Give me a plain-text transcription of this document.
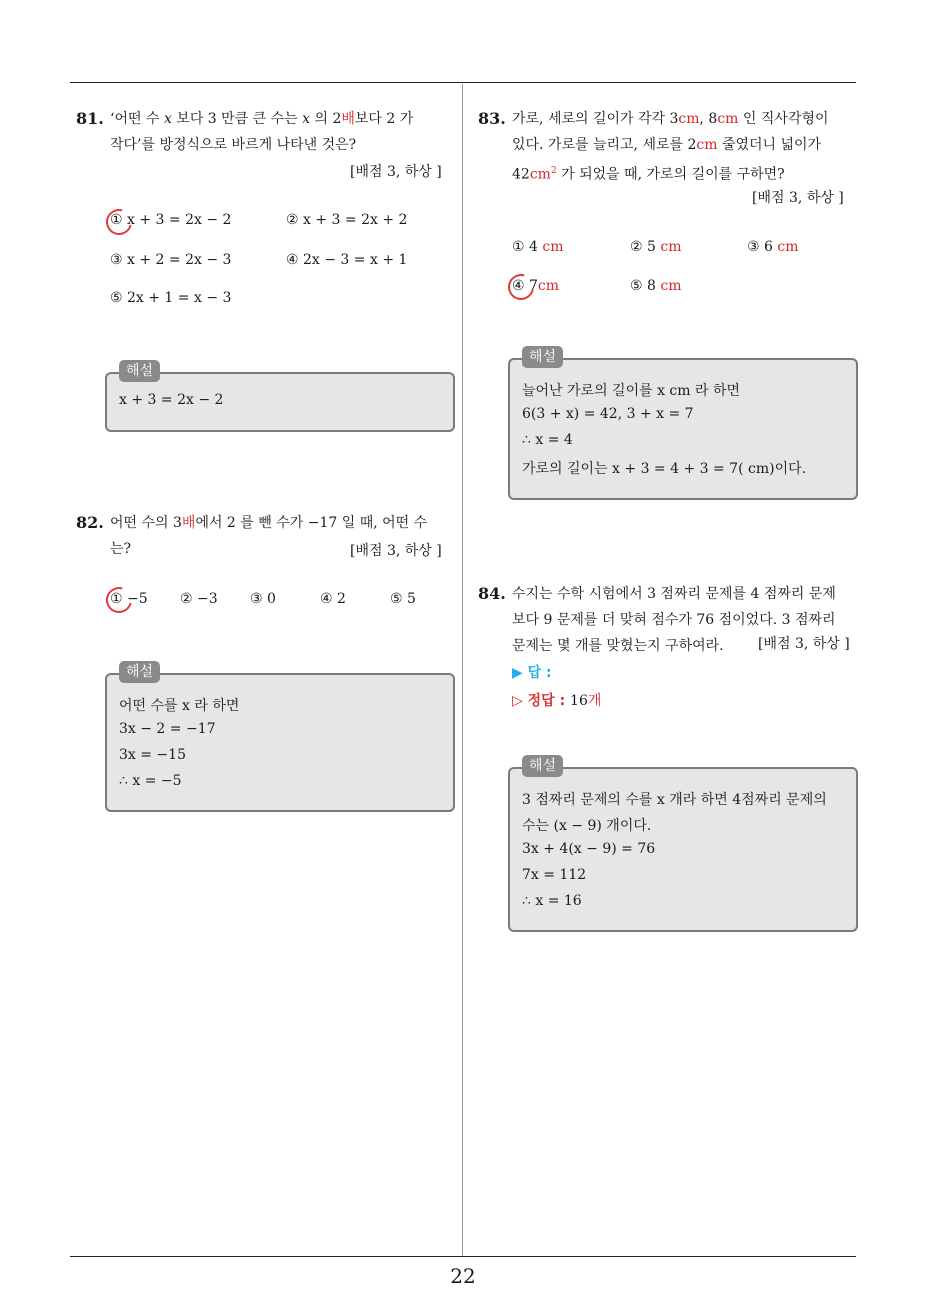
22
81. ‘어떤 수 x 보다 3 만큼 큰 수는 x 의 2배보다 2 가
작다’를 방정식으로 바르게 나타낸 것은?
[배점 3, 하상 ]
① x + 3 = 2x − 2	② x + 3 = 2x + 2
③ x + 2 = 2x − 3	④ 2x − 3 = x + 1
⑤ 2x + 1 = x − 3
해설
x + 3 = 2x − 2
82. 어떤 수의 3배에서 2 를 뺀 수가 −17 일 때, 어떤 수
는?	[배점 3, 하상 ]
① −5 ② −3 ③ 0	④ 2	⑤ 5
해설
어떤 수를 x 라 하면
3x − 2 = −17
3x = −15
∴ x = −5
83. 가로, 세로의 길이가 각각 3cm, 8cm 인 직사각형이
있다. 가로를 늘리고, 세로를 2cm 줄였더니 넓이가
$42cm^2$ 가 되었을 때, 가로의 길이를 구하면?
[배점 3, 하상 ]
① 4 cm	② 5 cm	③ 6 cm
④ 7cm	⑤ 8 cm
해설
늘어난 가로의 길이를 x cm 라 하면
6(3 + x) = 42, 3 + x = 7
∴ x = 4
가로의 길이는 x + 3 = 4 + 3 = 7( cm)이다.
84. 수지는 수학 시험에서 3 점짜리 문제를 4 점짜리 문제
보다 9 문제를 더 맞혀 점수가 76 점이었다. 3 점짜리
문제는 몇 개를 맞혔는지 구하여라.	[배점 3, 하상 ]
▶ 답 :
▷ 정답 : 16개
해설
3 점짜리 문제의 수를 x 개라 하면 4점짜리 문제의
수는 (x − 9) 개이다.
3x + 4(x − 9) = 76
7x = 112
∴ x = 16
